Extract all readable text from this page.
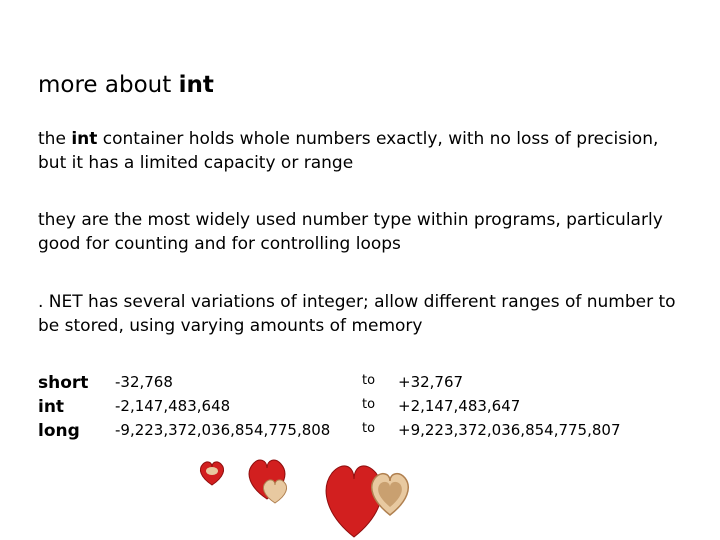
more about int

the int container holds whole numbers exactly, with no loss of precision, but it has a limited capacity or range

they are the most widely used number type within programs, particularly good for counting and for controlling loops

. NET has several variations of integer; allow different ranges of number to be stored, using varying amounts of memory

short -32,768	to +32,767
int	-2,147,483,648	to +2,147,483,647
long -9,223,372,036,854,775,808 to +9,223,372,036,854,775,807
